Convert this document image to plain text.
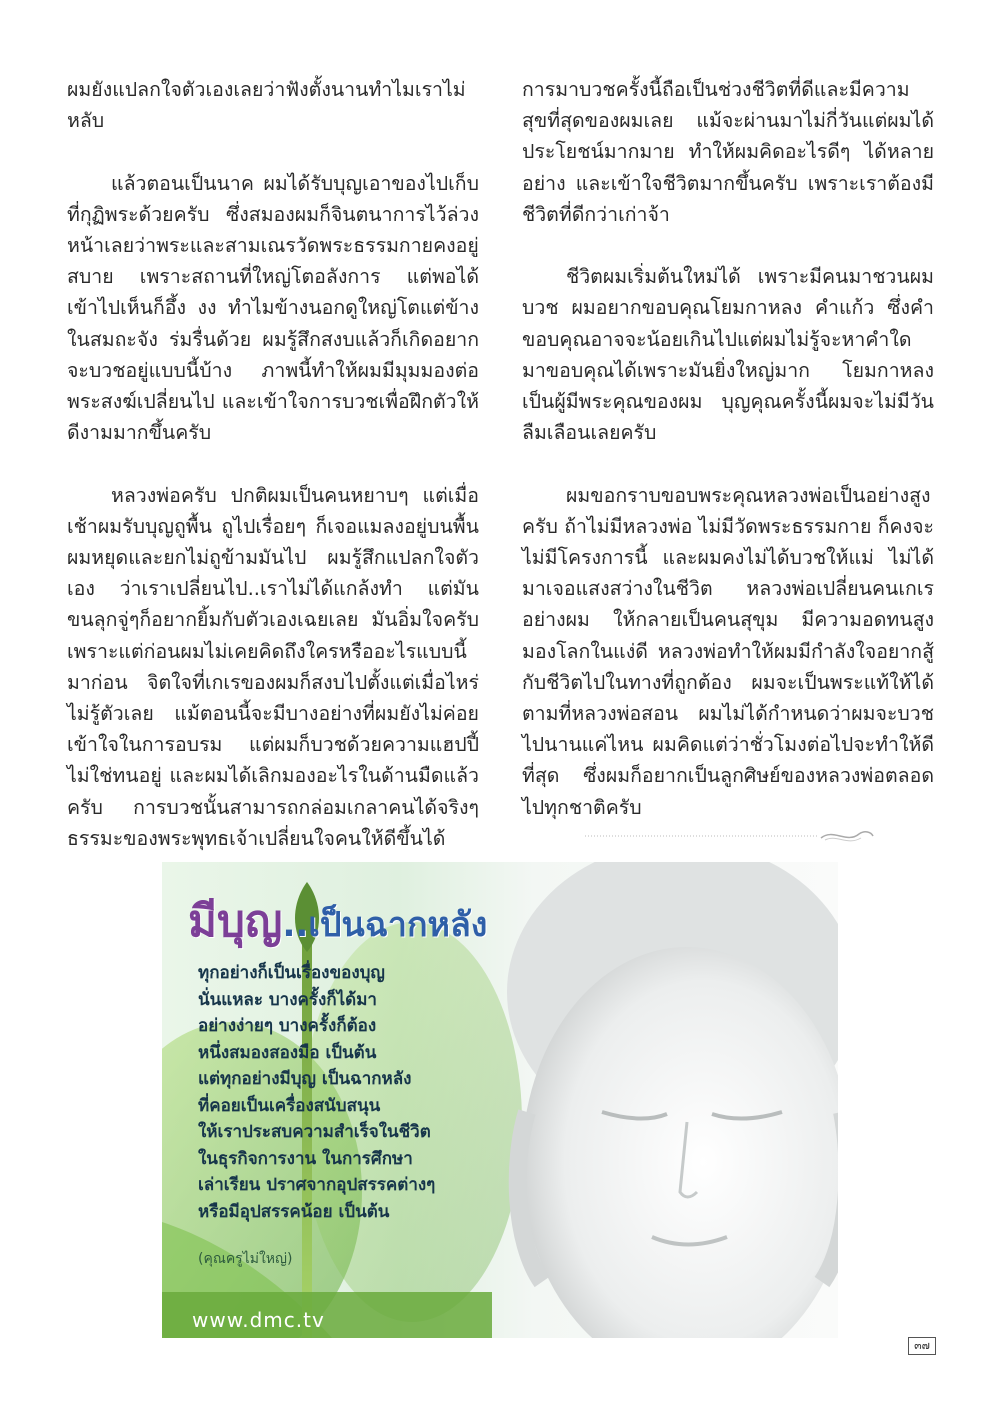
ผมยังแปลกใจตัวเองเลยว่าฟังตั้งนานทำไมเราไม่หลับ

แล้วตอนเป็นนาค ผมได้รับบุญเอาของไปเก็บที่กุฏิพระด้วยครับ ซึ่งสมองผมก็จินตนาการไว้ล่วงหน้าเลยว่าพระและสามเณรวัดพระธรรมกายคงอยู่สบาย เพราะสถานที่ใหญ่โตอลังการ แต่พอได้เข้าไปเห็นก็อึ้ง งง ทำไมข้างนอกดูใหญ่โตแต่ข้างในสมถะจัง ร่มรื่นด้วย ผมรู้สึกสงบแล้วก็เกิดอยากจะบวชอยู่แบบนี้บ้าง ภาพนี้ทำให้ผมมีมุมมองต่อพระสงฆ์เปลี่ยนไป และเข้าใจการบวชเพื่อฝึกตัวให้ดีงามมากขึ้นครับ

หลวงพ่อครับ ปกติผมเป็นคนหยาบๆ แต่เมื่อเช้าผมรับบุญถูพื้น ถูไปเรื่อยๆ ก็เจอแมลงอยู่บนพื้น ผมหยุดและยกไม่ถูข้ามมันไป ผมรู้สึกแปลกใจตัวเอง ว่าเราเปลี่ยนไป..เราไม่ได้แกล้งทำ แต่มันขนลุกจู่ๆก็อยากยิ้มกับตัวเองเฉยเลย มันอิ่มใจครับ เพราะแต่ก่อนผมไม่เคยคิดถึงใครหรืออะไรแบบนี้มาก่อน จิตใจที่เกเรของผมก็สงบไปตั้งแต่เมื่อไหร่ไม่รู้ตัวเลย แม้ตอนนี้จะมีบางอย่างที่ผมยังไม่ค่อยเข้าใจในการอบรม แต่ผมก็บวชด้วยความแฮปปี้ ไม่ใช่ทนอยู่ และผมได้เลิกมองอะไรในด้านมืดแล้วครับ การบวชนั้นสามารถกล่อมเกลาคนได้จริงๆ ธรรมะของพระพุทธเจ้าเปลี่ยนใจคนให้ดีขึ้นได้

การมาบวชครั้งนี้ถือเป็นช่วงชีวิตที่ดีและมีความสุขที่สุดของผมเลย แม้จะผ่านมาไม่กี่วันแต่ผมได้ประโยชน์มากมาย ทำให้ผมคิดอะไรดีๆ ได้หลายอย่าง และเข้าใจชีวิตมากขึ้นครับ เพราะเราต้องมีชีวิตที่ดีกว่าเก่าจ้า

ชีวิตผมเริ่มต้นใหม่ได้ เพราะมีคนมาชวนผมบวช ผมอยากขอบคุณโยมกาหลง คำแก้ว ซึ่งคำขอบคุณอาจจะน้อยเกินไปแต่ผมไม่รู้จะหาคำใดมาขอบคุณได้เพราะมันยิ่งใหญ่มาก โยมกาหลงเป็นผู้มีพระคุณของผม บุญคุณครั้งนี้ผมจะไม่มีวันลืมเลือนเลยครับ

ผมขอกราบขอบพระคุณหลวงพ่อเป็นอย่างสูงครับ ถ้าไม่มีหลวงพ่อ ไม่มีวัดพระธรรมกาย ก็คงจะไม่มีโครงการนี้ และผมคงไม่ได้บวชให้แม่ ไม่ได้มาเจอแสงสว่างในชีวิต หลวงพ่อเปลี่ยนคนเกเรอย่างผม ให้กลายเป็นคนสุขุม มีความอดทนสูง มองโลกในแง่ดี หลวงพ่อทำให้ผมมีกำลังใจอยากสู้กับชีวิตไปในทางที่ถูกต้อง ผมจะเป็นพระแท้ให้ได้ตามที่หลวงพ่อสอน ผมไม่ได้กำหนดว่าผมจะบวชไปนานแค่ไหน ผมคิดแต่ว่าชั่วโมงต่อไปจะทำให้ดีที่สุด ซึ่งผมก็อยากเป็นลูกศิษย์ของหลวงพ่อตลอดไปทุกชาติครับ

มีบุญ..เป็นฉากหลัง
ทุกอย่างก็เป็นเรื่องของบุญ
นั่นแหละ บางครั้งก็ได้มา
อย่างง่ายๆ บางครั้งก็ต้อง
หนึ่งสมองสองมือ เป็นต้น
แต่ทุกอย่างมีบุญ เป็นฉากหลัง
ที่คอยเป็นเครื่องสนับสนุน
ให้เราประสบความสำเร็จในชีวิต
ในธุรกิจการงาน ในการศึกษา
เล่าเรียน ปราศจากอุปสรรคต่างๆ
หรือมีอุปสรรคน้อย เป็นต้น
(คุณครูไม่ใหญ่)
www.dmc.tv
๓๗
